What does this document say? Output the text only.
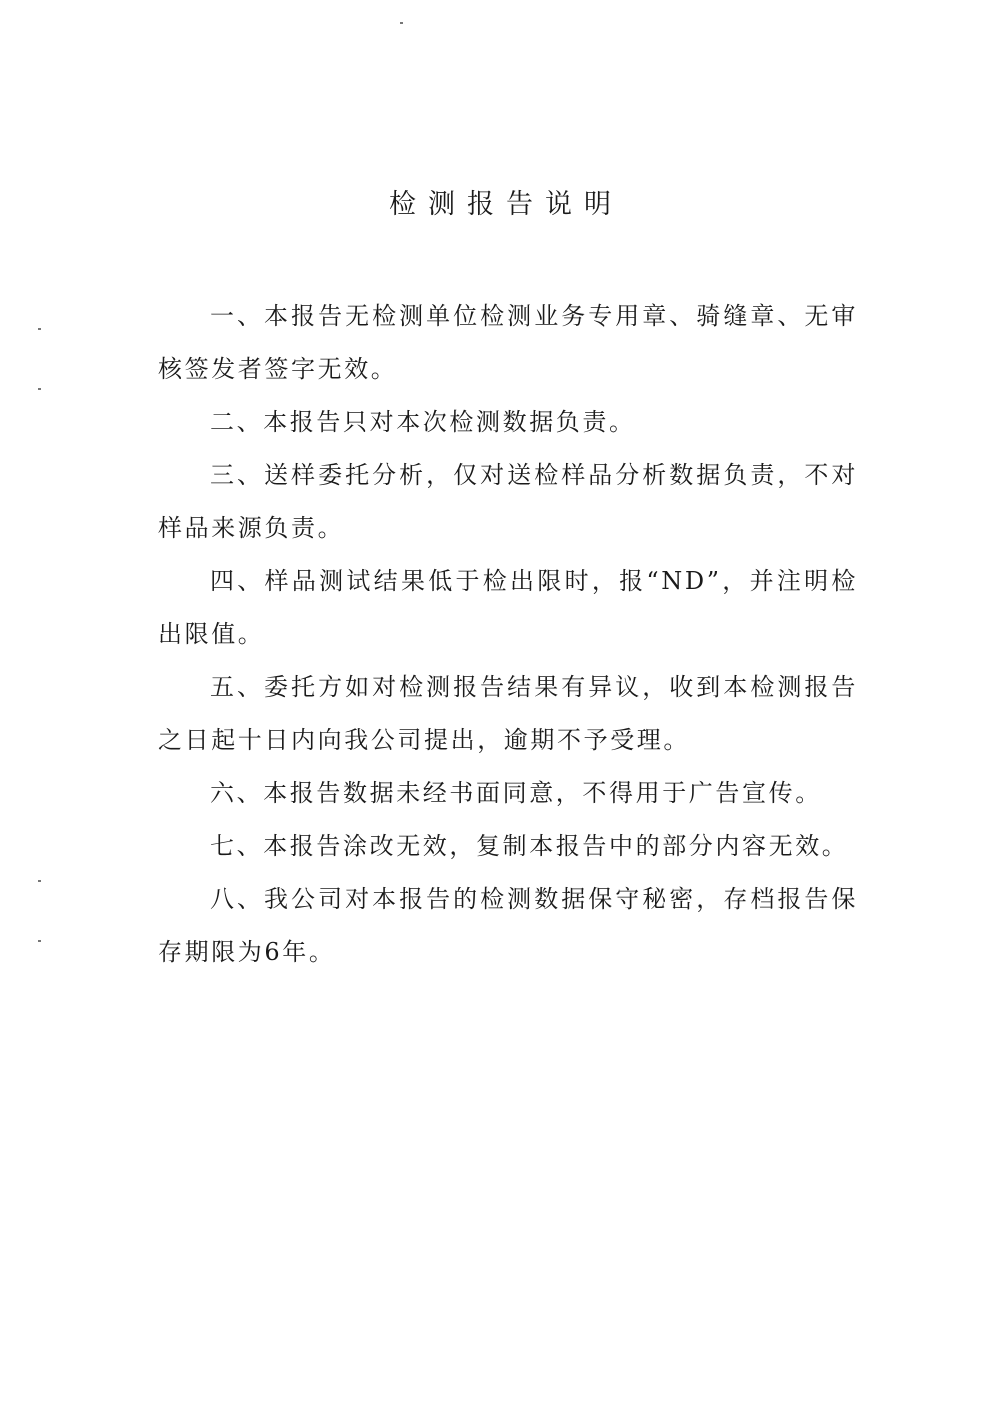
检测报告说明

一、本报告无检测单位检测业务专用章、骑缝章、无审核签发者签字无效。

二、本报告只对本次检测数据负责。

三、送样委托分析，仅对送检样品分析数据负责，不对样品来源负责。

四、样品测试结果低于检出限时，报“ND”，并注明检出限值。

五、委托方如对检测报告结果有异议，收到本检测报告之日起十日内向我公司提出，逾期不予受理。

六、本报告数据未经书面同意，不得用于广告宣传。

七、本报告涂改无效，复制本报告中的部分内容无效。

八、我公司对本报告的检测数据保守秘密，存档报告保存期限为6年。
